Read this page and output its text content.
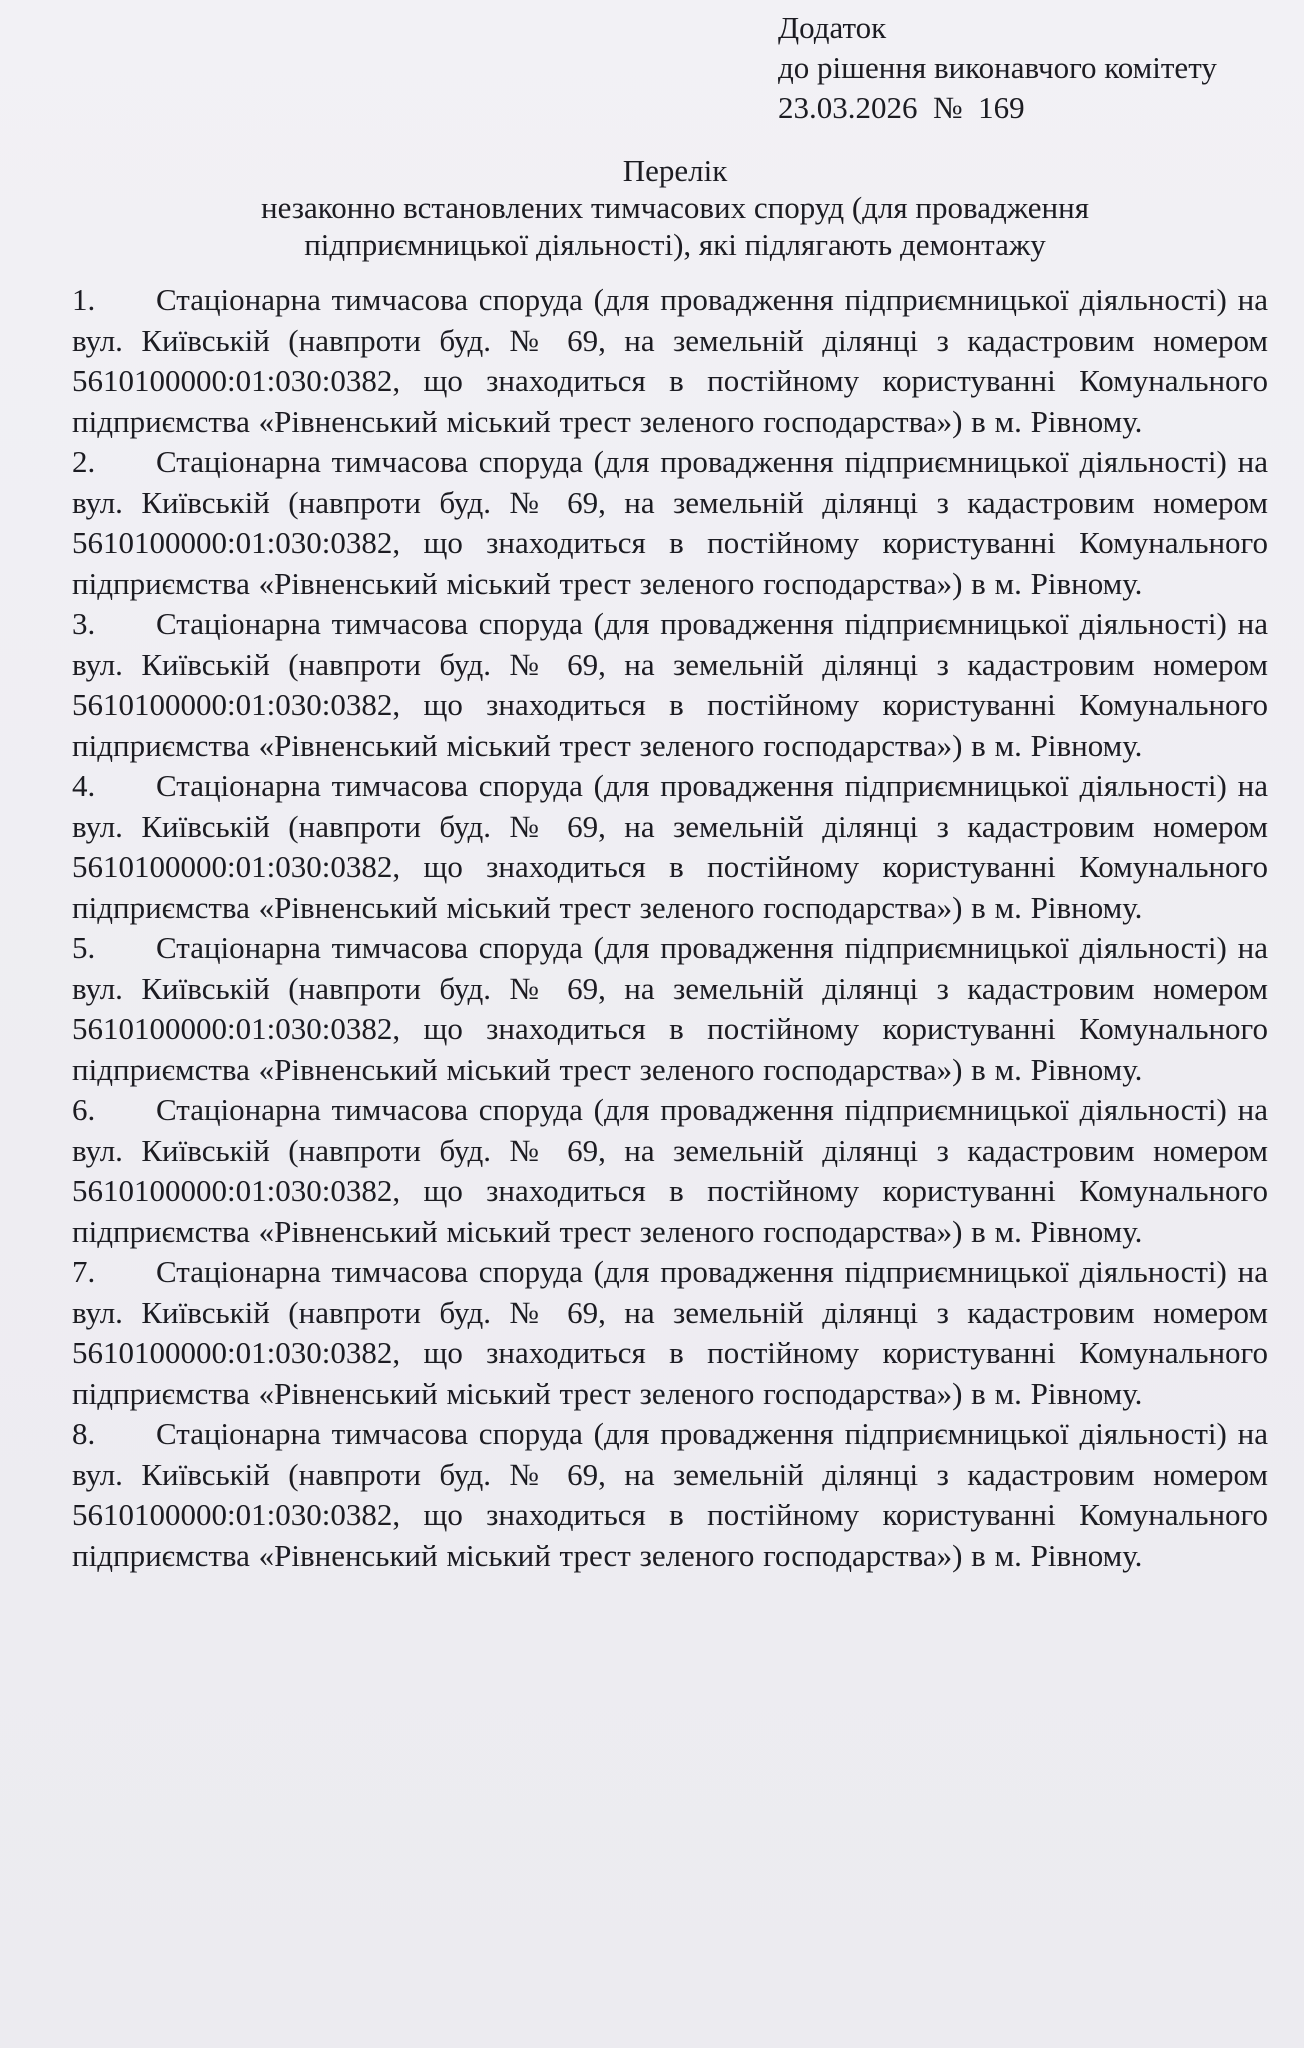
Додаток
до рішення виконавчого комітету
23.03.2026  №  169
Перелік
незаконно встановлених тимчасових споруд (для провадження
підприємницької діяльності), які підлягають демонтажу
1. Стаціонарна тимчасова споруда (для провадження підприємницької діяльності) на вул. Київській (навпроти буд. № 69, на земельній ділянці з кадастровим номером 5610100000:01:030:0382, що знаходиться в постійному користуванні Комунального підприємства «Рівненський міський трест зеленого господарства») в м. Рівному.
2. Стаціонарна тимчасова споруда (для провадження підприємницької діяльності) на вул. Київській (навпроти буд. № 69, на земельній ділянці з кадастровим номером 5610100000:01:030:0382, що знаходиться в постійному користуванні Комунального підприємства «Рівненський міський трест зеленого господарства») в м. Рівному.
3. Стаціонарна тимчасова споруда (для провадження підприємницької діяльності) на вул. Київській (навпроти буд. № 69, на земельній ділянці з кадастровим номером 5610100000:01:030:0382, що знаходиться в постійному користуванні Комунального підприємства «Рівненський міський трест зеленого господарства») в м. Рівному.
4. Стаціонарна тимчасова споруда (для провадження підприємницької діяльності) на вул. Київській (навпроти буд. № 69, на земельній ділянці з кадастровим номером 5610100000:01:030:0382, що знаходиться в постійному користуванні Комунального підприємства «Рівненський міський трест зеленого господарства») в м. Рівному.
5. Стаціонарна тимчасова споруда (для провадження підприємницької діяльності) на вул. Київській (навпроти буд. № 69, на земельній ділянці з кадастровим номером 5610100000:01:030:0382, що знаходиться в постійному користуванні Комунального підприємства «Рівненський міський трест зеленого господарства») в м. Рівному.
6. Стаціонарна тимчасова споруда (для провадження підприємницької діяльності) на вул. Київській (навпроти буд. № 69, на земельній ділянці з кадастровим номером 5610100000:01:030:0382, що знаходиться в постійному користуванні Комунального підприємства «Рівненський міський трест зеленого господарства») в м. Рівному.
7. Стаціонарна тимчасова споруда (для провадження підприємницької діяльності) на вул. Київській (навпроти буд. № 69, на земельній ділянці з кадастровим номером 5610100000:01:030:0382, що знаходиться в постійному користуванні Комунального підприємства «Рівненський міський трест зеленого господарства») в м. Рівному.
8. Стаціонарна тимчасова споруда (для провадження підприємницької діяльності) на вул. Київській (навпроти буд. № 69, на земельній ділянці з кадастровим номером 5610100000:01:030:0382, що знаходиться в постійному користуванні Комунального підприємства «Рівненський міський трест зеленого господарства») в м. Рівному.
